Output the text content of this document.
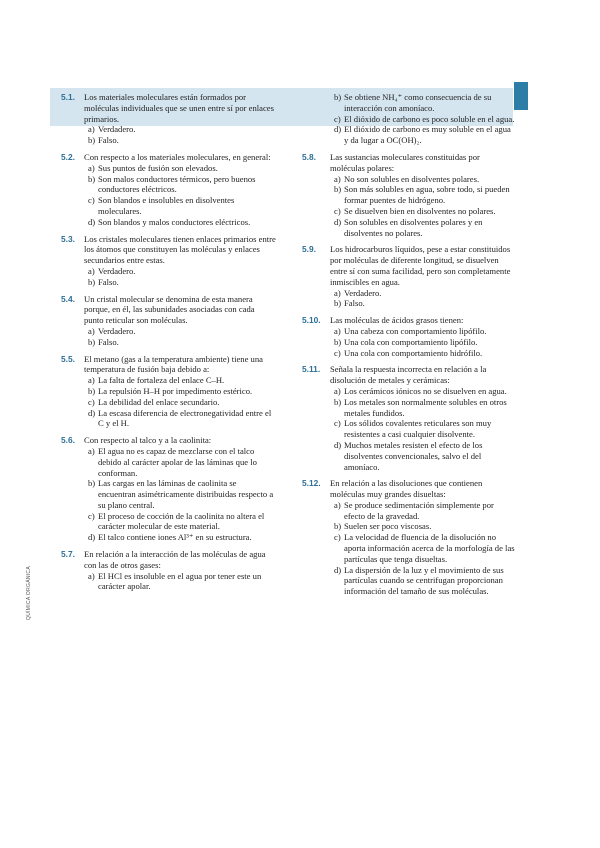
QUÍMICA ORGÁNICA
5.1. Los materiales moleculares están formados por moléculas individuales que se unen entre sí por enlaces primarios.
a) Verdadero.
b) Falso.
5.2. Con respecto a los materiales moleculares, en general:
a) Sus puntos de fusión son elevados.
b) Son malos conductores térmicos, pero buenos conductores eléctricos.
c) Son blandos e insolubles en disolventes moleculares.
d) Son blandos y malos conductores eléctricos.
5.3. Los cristales moleculares tienen enlaces primarios entre los átomos que constituyen las moléculas y enlaces secundarios entre estas.
a) Verdadero.
b) Falso.
5.4. Un cristal molecular se denomina de esta manera porque, en él, las subunidades asociadas con cada punto reticular son moléculas.
a) Verdadero.
b) Falso.
5.5. El metano (gas a la temperatura ambiente) tiene una temperatura de fusión baja debido a:
a) La falta de fortaleza del enlace C–H.
b) La repulsión H–H por impedimento estérico.
c) La debilidad del enlace secundario.
d) La escasa diferencia de electronegatividad entre el C y el H.
5.6. Con respecto al talco y a la caolinita:
a) El agua no es capaz de mezclarse con el talco debido al carácter apolar de las láminas que lo conforman.
b) Las cargas en las láminas de caolinita se encuentran asimétricamente distribuidas respecto a su plano central.
c) El proceso de cocción de la caolinita no altera el carácter molecular de este material.
d) El talco contiene iones Al³⁺ en su estructura.
5.7. En relación a la interacción de las moléculas de agua con las de otros gases:
a) El HCl es insoluble en el agua por tener este un carácter apolar.
b) Se obtiene NH₄⁺ como consecuencia de su interacción con amoníaco.
c) El dióxido de carbono es poco soluble en el agua.
d) El dióxido de carbono es muy soluble en el agua y da lugar a OC(OH)₂.
5.8. Las sustancias moleculares constituidas por moléculas polares:
a) No son solubles en disolventes polares.
b) Son más solubles en agua, sobre todo, si pueden formar puentes de hidrógeno.
c) Se disuelven bien en disolventes no polares.
d) Son solubles en disolventes polares y en disolventes no polares.
5.9. Los hidrocarburos líquidos, pese a estar constituidos por moléculas de diferente longitud, se disuelven entre sí con suma facilidad, pero son completamente inmiscibles en agua.
a) Verdadero.
b) Falso.
5.10. Las moléculas de ácidos grasos tienen:
a) Una cabeza con comportamiento lipófilo.
b) Una cola con comportamiento lipófilo.
c) Una cola con comportamiento hidrófilo.
5.11. Señala la respuesta incorrecta en relación a la disolución de metales y cerámicas:
a) Los cerámicos iónicos no se disuelven en agua.
b) Los metales son normalmente solubles en otros metales fundidos.
c) Los sólidos covalentes reticulares son muy resistentes a casi cualquier disolvente.
d) Muchos metales resisten el efecto de los disolventes convencionales, salvo el del amoníaco.
5.12. En relación a las disoluciones que contienen moléculas muy grandes disueltas:
a) Se produce sedimentación simplemente por efecto de la gravedad.
b) Suelen ser poco viscosas.
c) La velocidad de fluencia de la disolución no aporta información acerca de la morfología de las partículas que tenga disueltas.
d) La dispersión de la luz y el movimiento de sus partículas cuando se centrifugan proporcionan información del tamaño de sus moléculas.
